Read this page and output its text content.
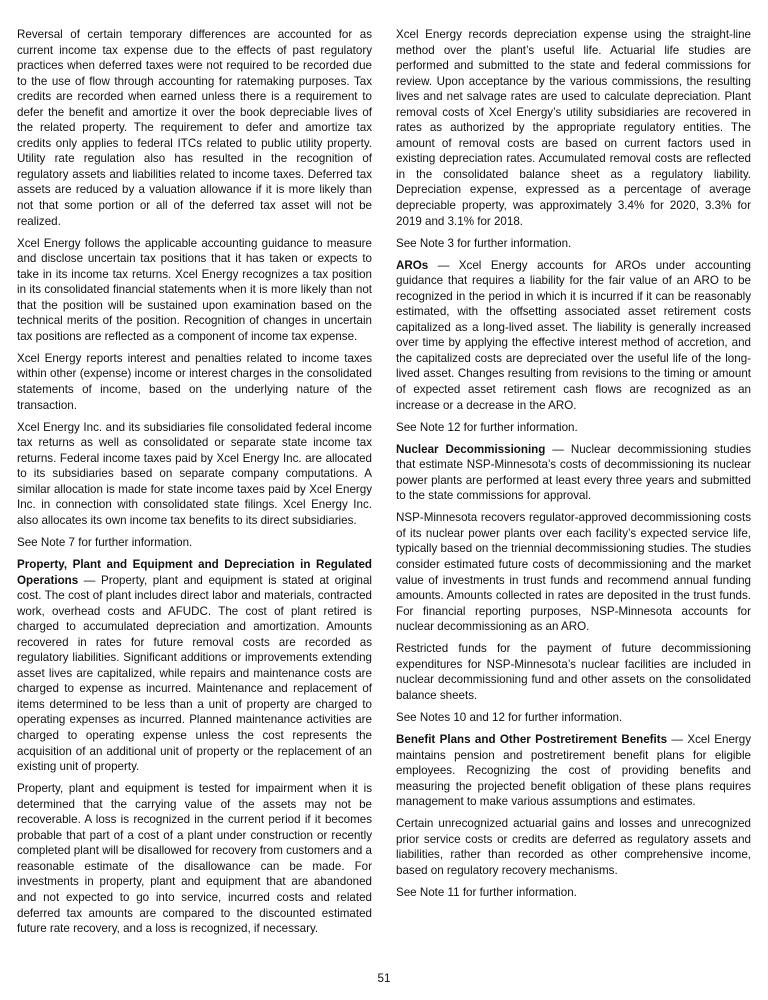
Reversal of certain temporary differences are accounted for as current income tax expense due to the effects of past regulatory practices when deferred taxes were not required to be recorded due to the use of flow through accounting for ratemaking purposes. Tax credits are recorded when earned unless there is a requirement to defer the benefit and amortize it over the book depreciable lives of the related property. The requirement to defer and amortize tax credits only applies to federal ITCs related to public utility property. Utility rate regulation also has resulted in the recognition of regulatory assets and liabilities related to income taxes. Deferred tax assets are reduced by a valuation allowance if it is more likely than not that some portion or all of the deferred tax asset will not be realized.

Xcel Energy follows the applicable accounting guidance to measure and disclose uncertain tax positions that it has taken or expects to take in its income tax returns. Xcel Energy recognizes a tax position in its consolidated financial statements when it is more likely than not that the position will be sustained upon examination based on the technical merits of the position. Recognition of changes in uncertain tax positions are reflected as a component of income tax expense.

Xcel Energy reports interest and penalties related to income taxes within other (expense) income or interest charges in the consolidated statements of income, based on the underlying nature of the transaction.

Xcel Energy Inc. and its subsidiaries file consolidated federal income tax returns as well as consolidated or separate state income tax returns. Federal income taxes paid by Xcel Energy Inc. are allocated to its subsidiaries based on separate company computations. A similar allocation is made for state income taxes paid by Xcel Energy Inc. in connection with consolidated state filings. Xcel Energy Inc. also allocates its own income tax benefits to its direct subsidiaries.

See Note 7 for further information.

Property, Plant and Equipment and Depreciation in Regulated Operations — Property, plant and equipment is stated at original cost. The cost of plant includes direct labor and materials, contracted work, overhead costs and AFUDC. The cost of plant retired is charged to accumulated depreciation and amortization. Amounts recovered in rates for future removal costs are recorded as regulatory liabilities. Significant additions or improvements extending asset lives are capitalized, while repairs and maintenance costs are charged to expense as incurred. Maintenance and replacement of items determined to be less than a unit of property are charged to operating expenses as incurred. Planned maintenance activities are charged to operating expense unless the cost represents the acquisition of an additional unit of property or the replacement of an existing unit of property.

Property, plant and equipment is tested for impairment when it is determined that the carrying value of the assets may not be recoverable. A loss is recognized in the current period if it becomes probable that part of a cost of a plant under construction or recently completed plant will be disallowed for recovery from customers and a reasonable estimate of the disallowance can be made. For investments in property, plant and equipment that are abandoned and not expected to go into service, incurred costs and related deferred tax amounts are compared to the discounted estimated future rate recovery, and a loss is recognized, if necessary.

Xcel Energy records depreciation expense using the straight-line method over the plant’s useful life. Actuarial life studies are performed and submitted to the state and federal commissions for review. Upon acceptance by the various commissions, the resulting lives and net salvage rates are used to calculate depreciation. Plant removal costs of Xcel Energy’s utility subsidiaries are recovered in rates as authorized by the appropriate regulatory entities. The amount of removal costs are based on current factors used in existing depreciation rates. Accumulated removal costs are reflected in the consolidated balance sheet as a regulatory liability. Depreciation expense, expressed as a percentage of average depreciable property, was approximately 3.4% for 2020, 3.3% for 2019 and 3.1% for 2018.

See Note 3 for further information.

AROs — Xcel Energy accounts for AROs under accounting guidance that requires a liability for the fair value of an ARO to be recognized in the period in which it is incurred if it can be reasonably estimated, with the offsetting associated asset retirement costs capitalized as a long-lived asset. The liability is generally increased over time by applying the effective interest method of accretion, and the capitalized costs are depreciated over the useful life of the long-lived asset. Changes resulting from revisions to the timing or amount of expected asset retirement cash flows are recognized as an increase or a decrease in the ARO.

See Note 12 for further information.

Nuclear Decommissioning — Nuclear decommissioning studies that estimate NSP-Minnesota’s costs of decommissioning its nuclear power plants are performed at least every three years and submitted to the state commissions for approval.

NSP-Minnesota recovers regulator-approved decommissioning costs of its nuclear power plants over each facility’s expected service life, typically based on the triennial decommissioning studies. The studies consider estimated future costs of decommissioning and the market value of investments in trust funds and recommend annual funding amounts. Amounts collected in rates are deposited in the trust funds. For financial reporting purposes, NSP-Minnesota accounts for nuclear decommissioning as an ARO.

Restricted funds for the payment of future decommissioning expenditures for NSP-Minnesota’s nuclear facilities are included in nuclear decommissioning fund and other assets on the consolidated balance sheets.

See Notes 10 and 12 for further information.

Benefit Plans and Other Postretirement Benefits — Xcel Energy maintains pension and postretirement benefit plans for eligible employees. Recognizing the cost of providing benefits and measuring the projected benefit obligation of these plans requires management to make various assumptions and estimates.

Certain unrecognized actuarial gains and losses and unrecognized prior service costs or credits are deferred as regulatory assets and liabilities, rather than recorded as other comprehensive income, based on regulatory recovery mechanisms.

See Note 11 for further information.

51
